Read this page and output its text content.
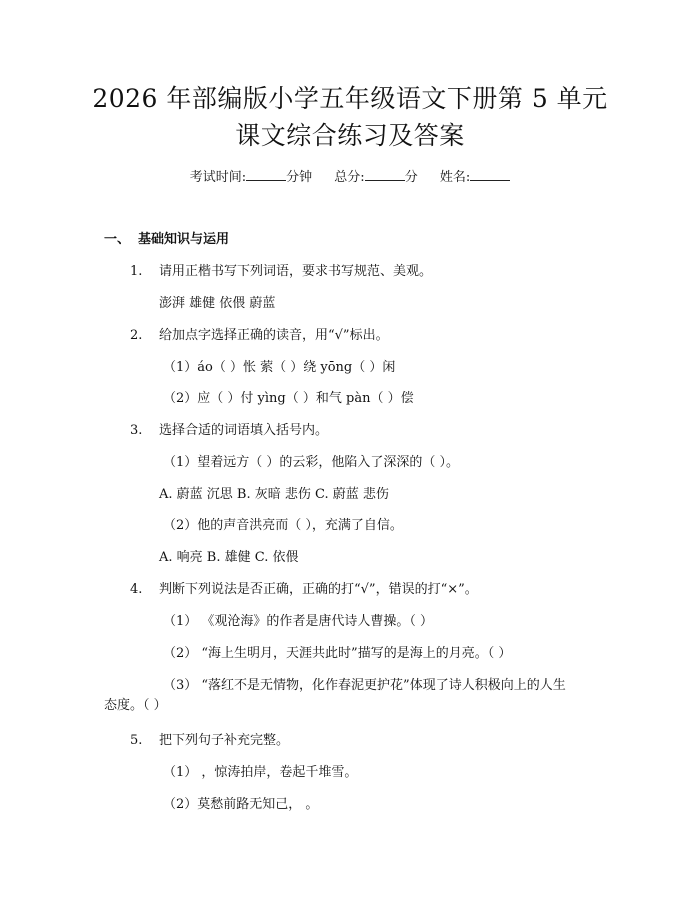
2026 年部编版小学五年级语文下册第 5 单元
课文综合练习及答案
考试时间:	分钟 总分:	分 姓名:
一、 基础知识与运用
1. 请用正楷书写下列词语，要求书写规范、美观。
澎湃 雄健 依偎 蔚蓝
2. 给加点字选择正确的读音，用“√”标出。
（1）áo（ ）怅 萦（ ）绕 yōng（ ）闲
（2）应（ ）付 yìng（ ）和气 pàn（ ）偿
3. 选择合适的词语填入括号内。
（1）望着远方（ ）的云彩，他陷入了深深的（ ）。
A. 蔚蓝 沉思 B. 灰暗 悲伤 C. 蔚蓝 悲伤
（2）他的声音洪亮而（ ），充满了自信。
A. 响亮 B. 雄健 C. 依偎
4. 判断下列说法是否正确，正确的打“√”，错误的打“×”。
（1） 《观沧海》的作者是唐代诗人曹操。（ ）
（2） “海上生明月，天涯共此时”描写的是海上的月亮。（ ）
（3） “落红不是无情物，化作春泥更护花”体现了诗人积极向上的人生
态度。（ ）
5. 把下列句子补充完整。
（1） ，惊涛拍岸，卷起千堆雪。
（2）莫愁前路无知己， 。
